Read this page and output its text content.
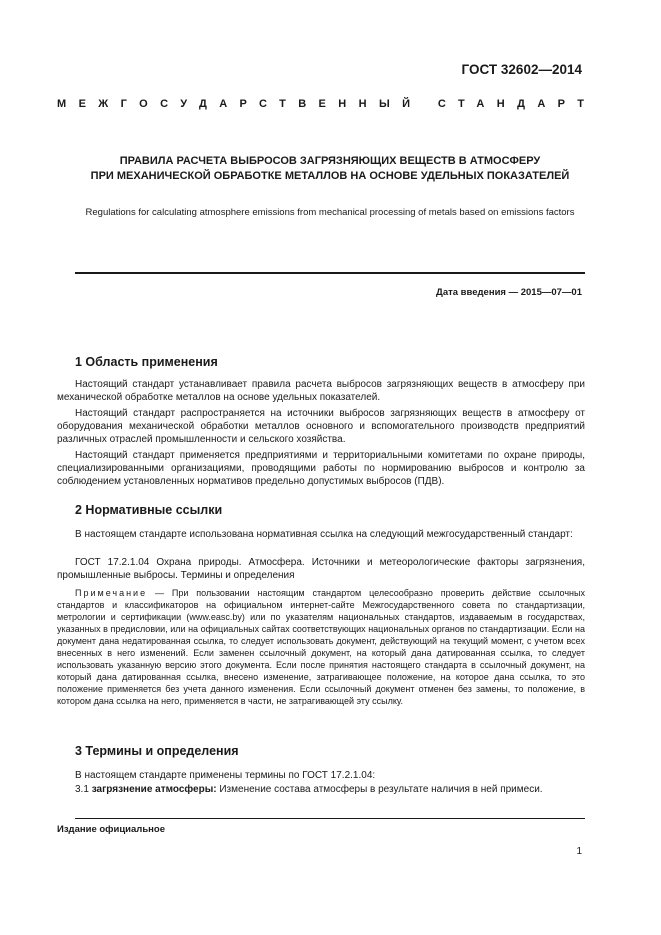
ГОСТ 32602—2014
МЕЖГОСУДАРСТВЕННЫЙ СТАНДАРТ
ПРАВИЛА РАСЧЕТА ВЫБРОСОВ ЗАГРЯЗНЯЮЩИХ ВЕЩЕСТВ В АТМОСФЕРУ
ПРИ МЕХАНИЧЕСКОЙ ОБРАБОТКЕ МЕТАЛЛОВ НА ОСНОВЕ УДЕЛЬНЫХ ПОКАЗАТЕЛЕЙ
Regulations for calculating atmosphere emissions from mechanical processing of metals based on emissions factors
Дата введения — 2015—07—01
1 Область применения
Настоящий стандарт устанавливает правила расчета выбросов загрязняющих веществ в атмосферу при механической обработке металлов на основе удельных показателей.
Настоящий стандарт распространяется на источники выбросов загрязняющих веществ в атмосферу от оборудования механической обработки металлов основного и вспомогательного производств предприятий различных отраслей промышленности и сельского хозяйства.
Настоящий стандарт применяется предприятиями и территориальными комитетами по охране природы, специализированными организациями, проводящими работы по нормированию выбросов и контролю за соблюдением установленных нормативов предельно допустимых выбросов (ПДВ).
2 Нормативные ссылки
В настоящем стандарте использована нормативная ссылка на следующий межгосударственный стандарт:
ГОСТ 17.2.1.04 Охрана природы. Атмосфера. Источники и метеорологические факторы загрязнения, промышленные выбросы. Термины и определения
Примечание — При пользовании настоящим стандартом целесообразно проверить действие ссылочных стандартов и классификаторов на официальном интернет-сайте Межгосударственного совета по стандартизации, метрологии и сертификации (www.easc.by) или по указателям национальных стандартов, издаваемым в государствах, указанных в предисловии, или на официальных сайтах соответствующих национальных органов по стандартизации. Если на документ дана недатированная ссылка, то следует использовать документ, действующий на текущий момент, с учетом всех внесенных в него изменений. Если заменен ссылочный документ, на который дана датированная ссылка, то следует использовать указанную версию этого документа. Если после принятия настоящего стандарта в ссылочный документ, на который дана датированная ссылка, внесено изменение, затрагивающее положение, на которое дана ссылка, то это положение применяется без учета данного изменения. Если ссылочный документ отменен без замены, то положение, в котором дана ссылка на него, применяется в части, не затрагивающей эту ссылку.
3 Термины и определения
В настоящем стандарте применены термины по ГОСТ 17.2.1.04:
3.1 загрязнение атмосферы: Изменение состава атмосферы в результате наличия в ней примеси.
Издание официальное
1
